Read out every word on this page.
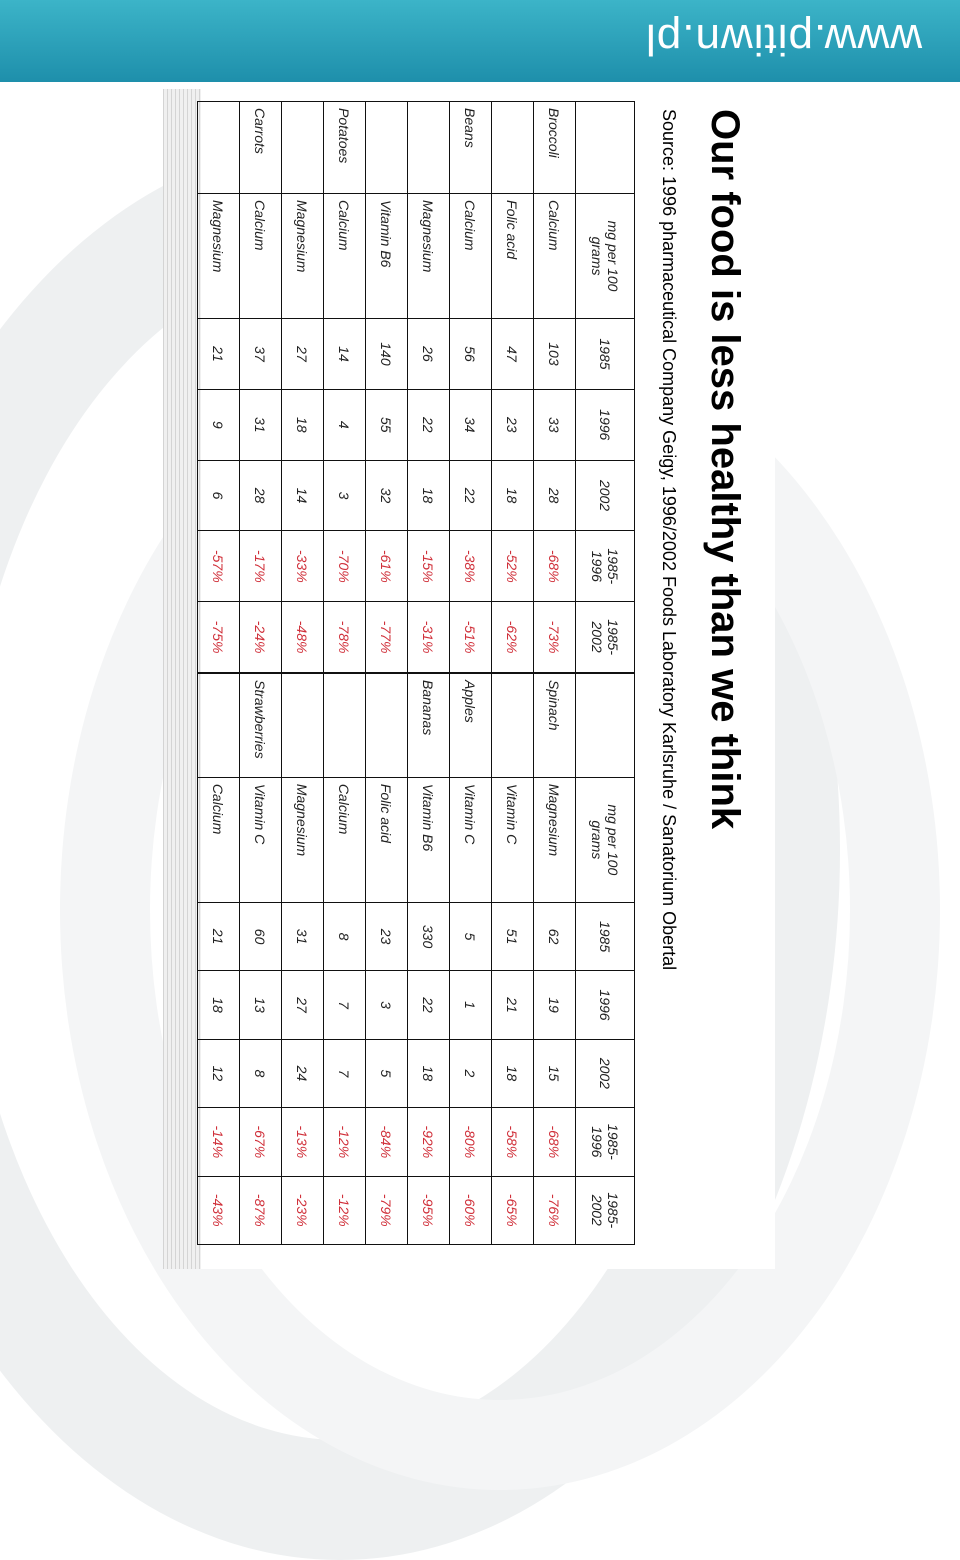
www.pitiwn.pl
Our food is less healthy than we think
Source: 1996 pharmaceutical Company Geigy, 1996/2002 Foods Laboratory Karlsruhe / Sanatorium Obertal
	mg per 100 grams	1985	1996	2002	1985-1996	1985-2002
Broccoli	Calcium	103	33	28	-68%	-73%
	Folic acid	47	23	18	-52%	-62%
Beans	Calcium	56	34	22	-38%	-51%
	Magnesium	26	22	18	-15%	-31%
	Vitamin B6	140	55	32	-61%	-77%
Potatoes	Calcium	14	4	3	-70%	-78%
	Magnesium	27	18	14	-33%	-48%
Carrots	Calcium	37	31	28	-17%	-24%
	Magnesium	21	9	6	-57%	-75%
	mg per 100 grams	1985	1996	2002	1985-1996	1985-2002
Spinach	Magnesium	62	19	15	-68%	-76%
	Vitamin C	51	21	18	-58%	-65%
Apples	Vitamin C	5	1	2	-80%	-60%
Bananas	Vitamin B6	330	22	18	-92%	-95%
	Folic acid	23	3	5	-84%	-79%
	Calcium	8	7	7	-12%	-12%
	Magnesium	31	27	24	-13%	-23%
Strawberries	Vitamin C	60	13	8	-67%	-87%
	Calcium	21	18	12	-14%	-43%
